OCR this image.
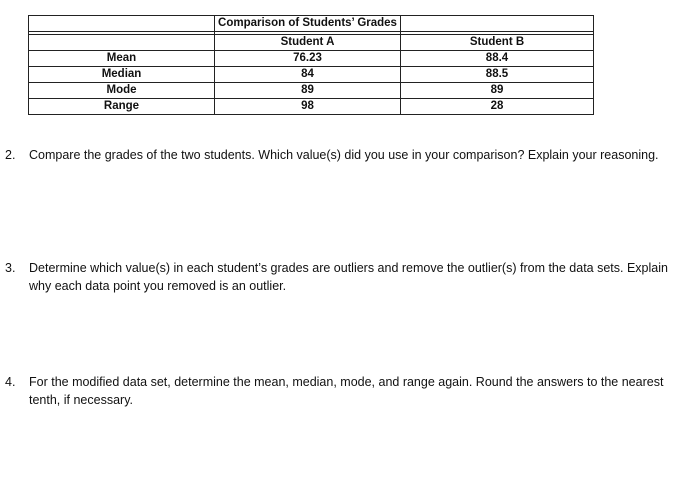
	Comparison of Students’ Grades	

	Student A	Student B
Mean	76.23	88.4
Median	84	88.5
Mode	89	89
Range	98	28
2. Compare the grades of the two students. Which value(s) did you use in your comparison? Explain your reasoning.
3. Determine which value(s) in each student’s grades are outliers and remove the outlier(s) from the data sets. Explain why each data point you removed is an outlier.
4. For the modified data set, determine the mean, median, mode, and range again. Round the answers to the nearest tenth, if necessary.
